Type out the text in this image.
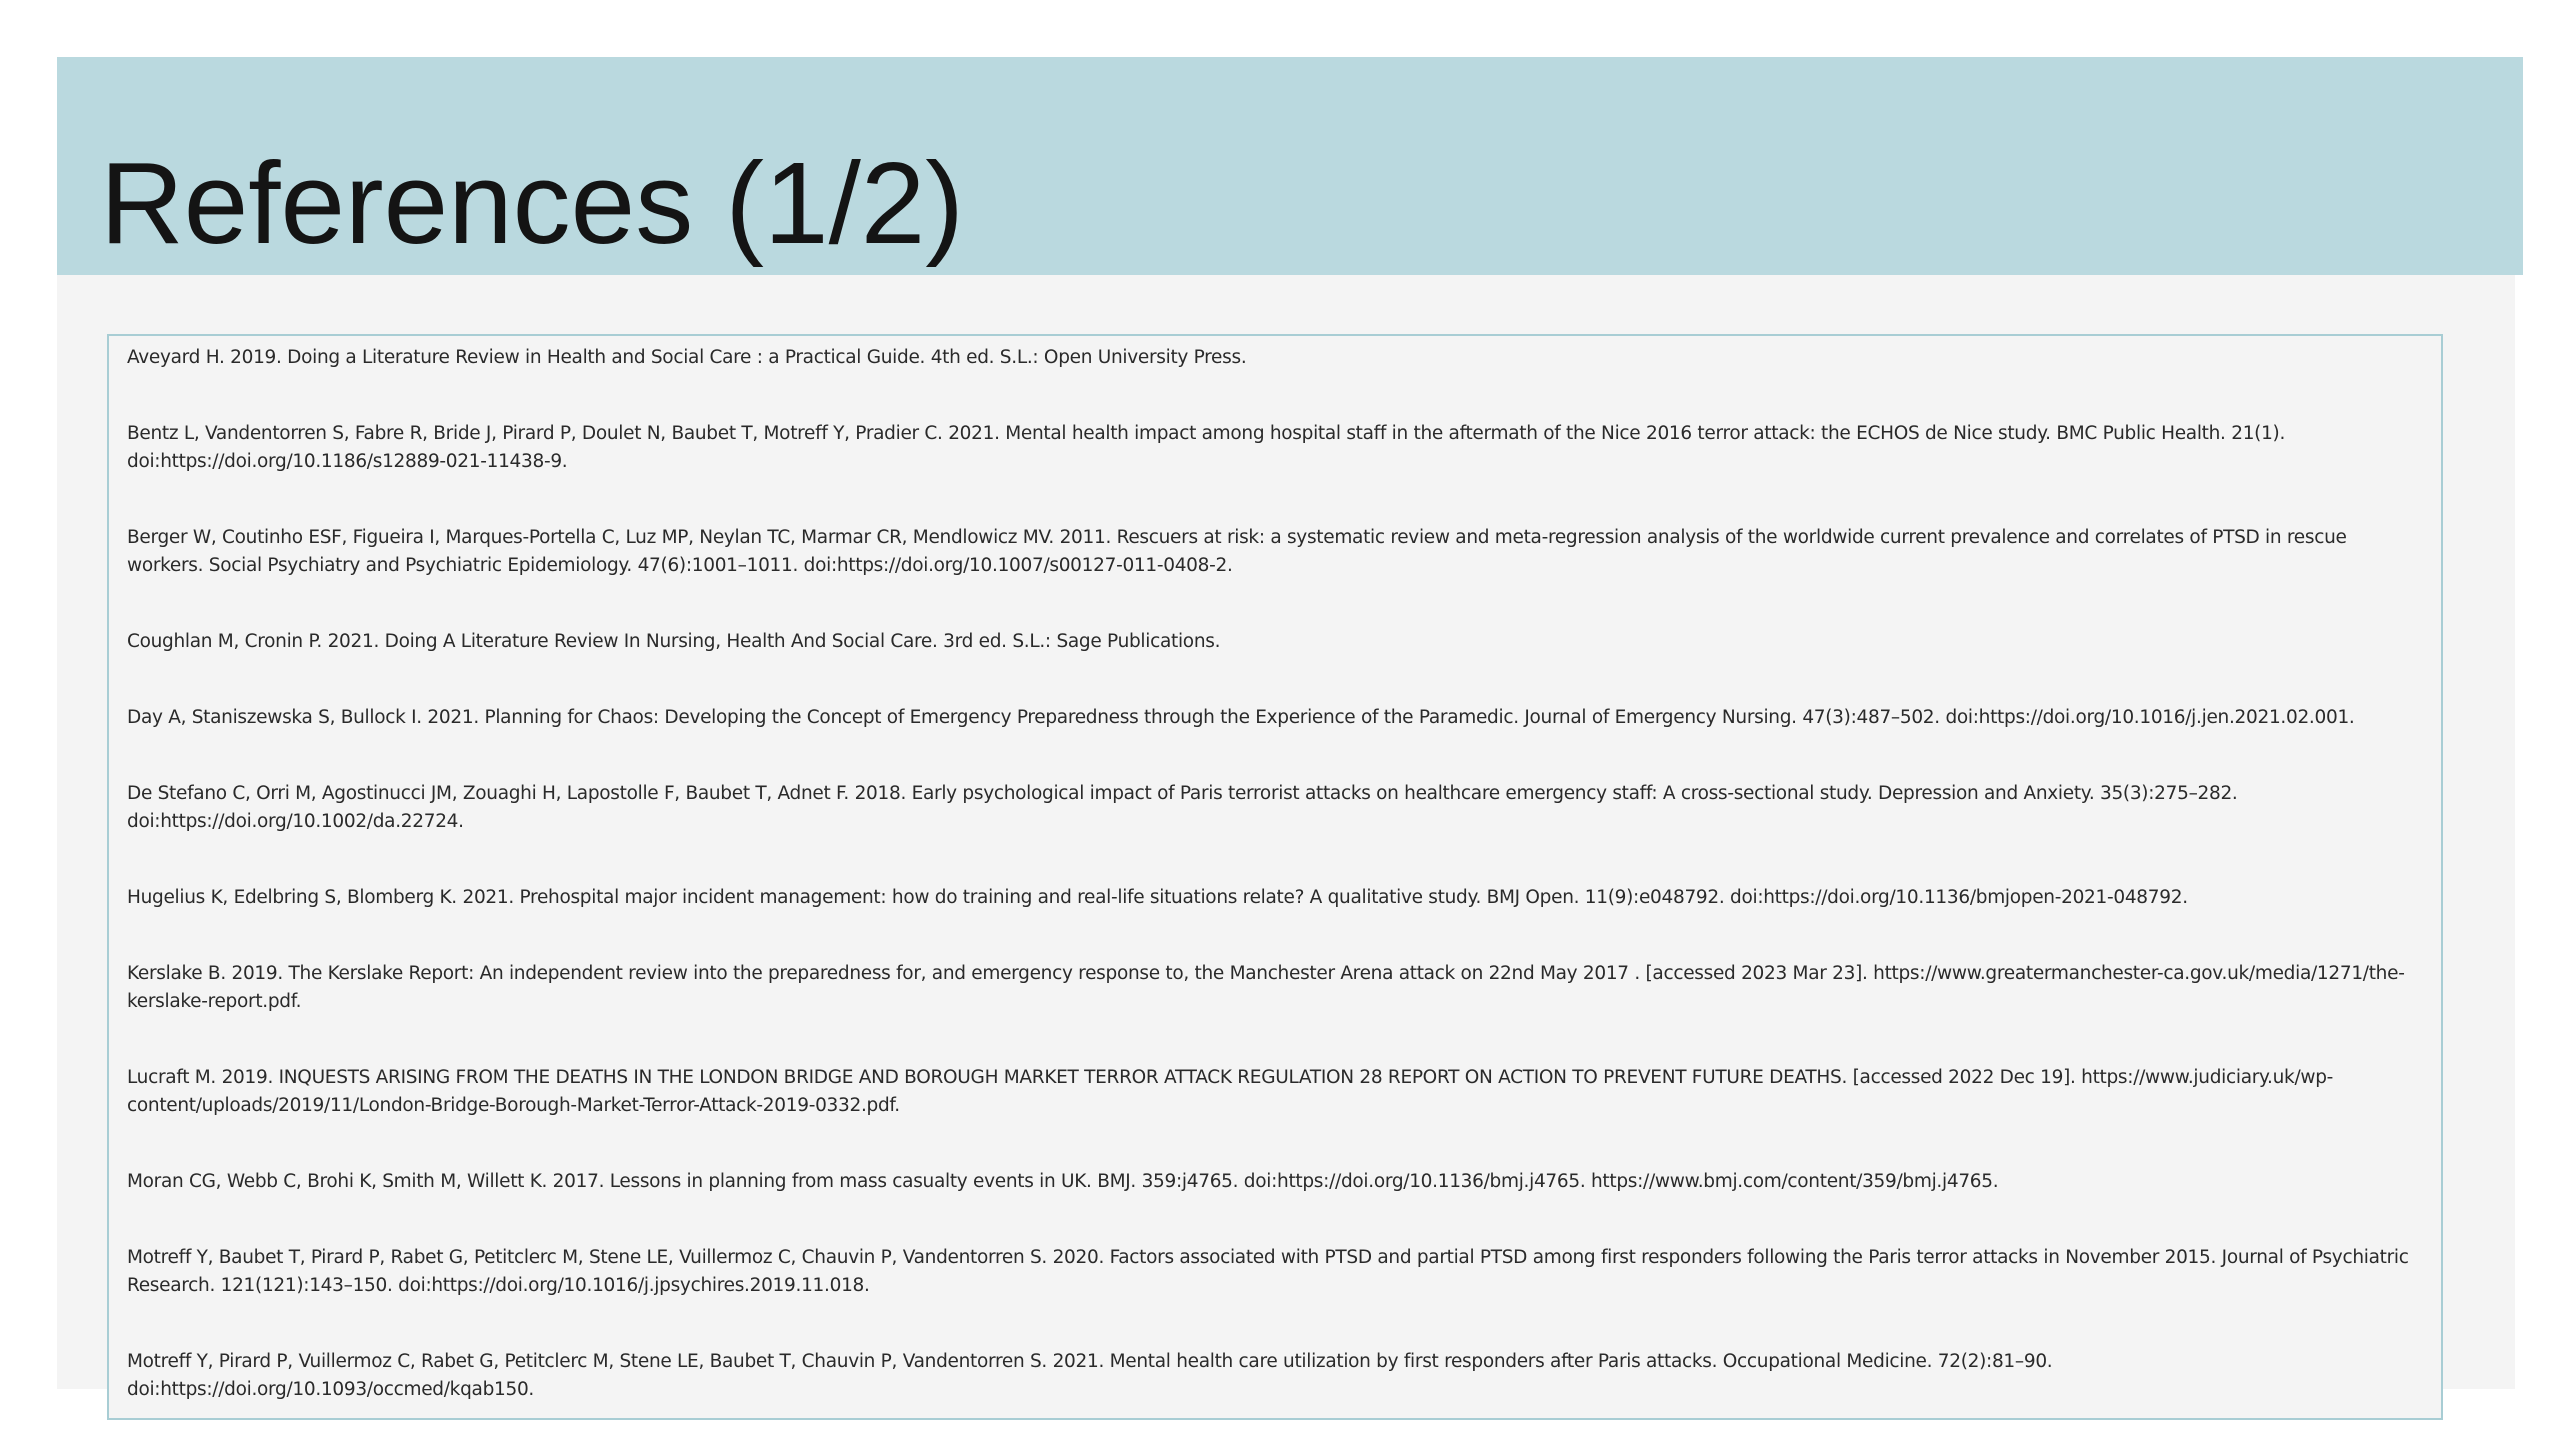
References (1/2)

Aveyard H. 2019. Doing a Literature Review in Health and Social Care : a Practical Guide. 4th ed. S.L.: Open University Press.

Bentz L, Vandentorren S, Fabre R, Bride J, Pirard P, Doulet N, Baubet T, Motreff Y, Pradier C. 2021. Mental health impact among hospital staff in the aftermath of the Nice 2016 terror attack: the ECHOS de Nice study. BMC Public Health. 21(1). doi:https://doi.org/10.1186/s12889-021-11438-9.

Berger W, Coutinho ESF, Figueira I, Marques-Portella C, Luz MP, Neylan TC, Marmar CR, Mendlowicz MV. 2011. Rescuers at risk: a systematic review and meta-regression analysis of the worldwide current prevalence and correlates of PTSD in rescue workers. Social Psychiatry and Psychiatric Epidemiology. 47(6):1001–1011. doi:https://doi.org/10.1007/s00127-011-0408-2.

Coughlan M, Cronin P. 2021. Doing A Literature Review In Nursing, Health And Social Care. 3rd ed. S.L.: Sage Publications.

Day A, Staniszewska S, Bullock I. 2021. Planning for Chaos: Developing the Concept of Emergency Preparedness through the Experience of the Paramedic. Journal of Emergency Nursing. 47(3):487–502. doi:https://doi.org/10.1016/j.jen.2021.02.001.

De Stefano C, Orri M, Agostinucci JM, Zouaghi H, Lapostolle F, Baubet T, Adnet F. 2018. Early psychological impact of Paris terrorist attacks on healthcare emergency staff: A cross-sectional study. Depression and Anxiety. 35(3):275–282. doi:https://doi.org/10.1002/da.22724.

Hugelius K, Edelbring S, Blomberg K. 2021. Prehospital major incident management: how do training and real-life situations relate? A qualitative study. BMJ Open. 11(9):e048792. doi:https://doi.org/10.1136/bmjopen-2021-048792.

Kerslake B. 2019. The Kerslake Report: An independent review into the preparedness for, and emergency response to, the Manchester Arena attack on 22nd May 2017 . [accessed 2023 Mar 23]. https://www.greatermanchester-ca.gov.uk/media/1271/the-kerslake-report.pdf.

Lucraft M. 2019. INQUESTS ARISING FROM THE DEATHS IN THE LONDON BRIDGE AND BOROUGH MARKET TERROR ATTACK REGULATION 28 REPORT ON ACTION TO PREVENT FUTURE DEATHS. [accessed 2022 Dec 19]. https://www.judiciary.uk/wp-content/uploads/2019/11/London-Bridge-Borough-Market-Terror-Attack-2019-0332.pdf.

Moran CG, Webb C, Brohi K, Smith M, Willett K. 2017. Lessons in planning from mass casualty events in UK. BMJ. 359:j4765. doi:https://doi.org/10.1136/bmj.j4765. https://www.bmj.com/content/359/bmj.j4765.

Motreff Y, Baubet T, Pirard P, Rabet G, Petitclerc M, Stene LE, Vuillermoz C, Chauvin P, Vandentorren S. 2020. Factors associated with PTSD and partial PTSD among first responders following the Paris terror attacks in November 2015. Journal of Psychiatric Research. 121(121):143–150. doi:https://doi.org/10.1016/j.jpsychires.2019.11.018.

Motreff Y, Pirard P, Vuillermoz C, Rabet G, Petitclerc M, Stene LE, Baubet T, Chauvin P, Vandentorren S. 2021. Mental health care utilization by first responders after Paris attacks. Occupational Medicine. 72(2):81–90. doi:https://doi.org/10.1093/occmed/kqab150.
